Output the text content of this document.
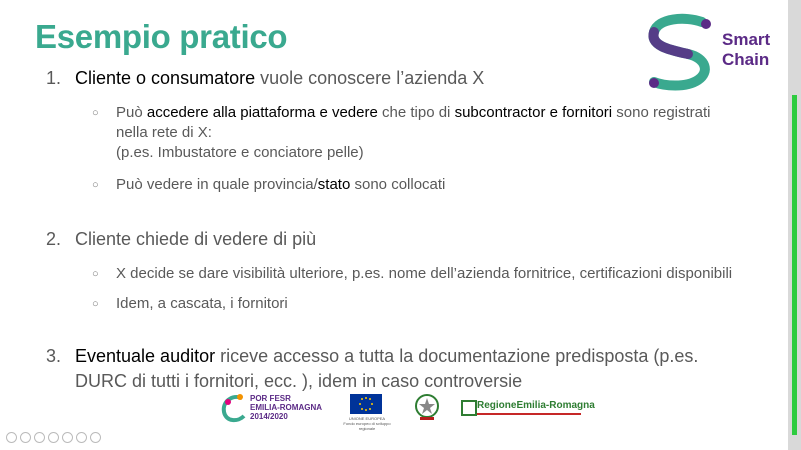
Esempio pratico	Smart
Chain
1. Cliente o consumatore vuole conoscere l’azienda X
○ Può accedere alla piattaforma e vedere che tipo di subcontractor e fornitori sono registrati
nella rete di X:
(p.es. Imbustatore e conciatore pelle)
○ Può vedere in quale provincia/stato sono collocati
2. Cliente chiede di vedere di più
○ X decide se dare visibilità ulteriore, p.es. nome dell’azienda fornitrice, certificazioni disponibili
○ Idem, a cascata, i fornitori
3. Eventuale auditor riceve accesso a tutta la documentazione predisposta (p.es.
DURC di tutti i fornitori, ecc. ), idem in caso controversie
POR FESR
EMILIA-ROMAGNA
2014/2020	UNIONE EUROPEA
Fondo europeo di sviluppo regionale
RegioneEmilia-Romagna
